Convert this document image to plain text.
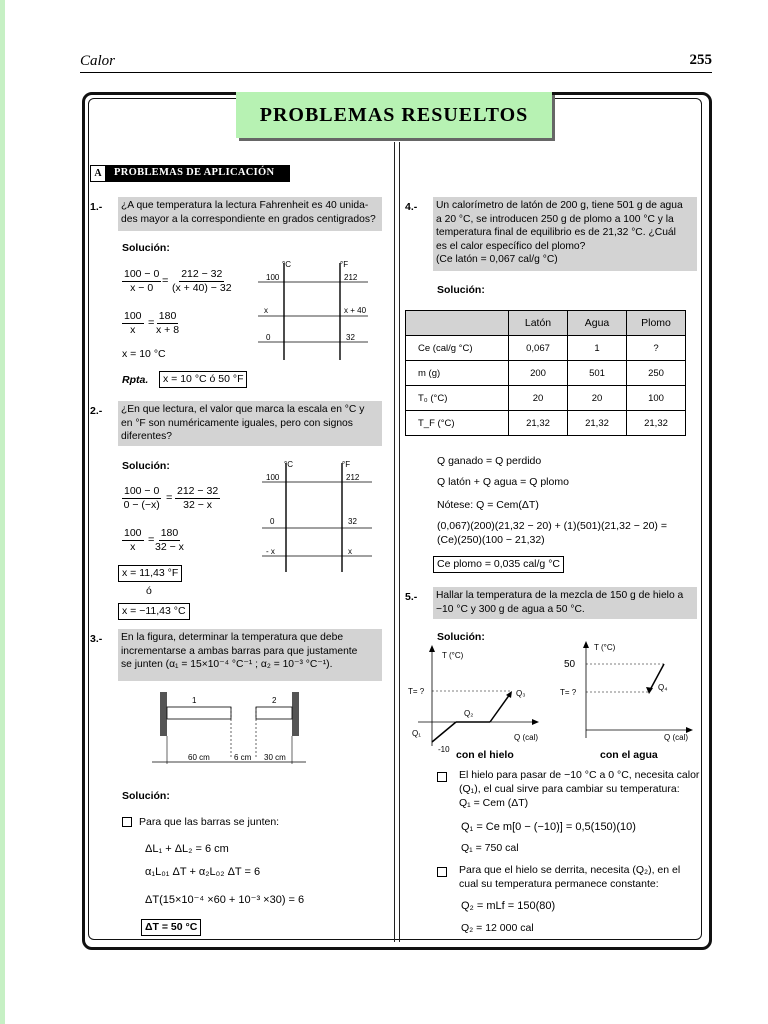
Calor	255
PROBLEMAS RESUELTOS
A	PROBLEMAS DE APLICACIÓN
1.- ¿A que temperatura la lectura Fahrenheit es 40 unida-
des mayor a la correspondiente en grados centigrados?
Solución:
$\frac{100 - 0}{x - 0} = \frac{212 - 32}{(x + 40) - 32}$
$\frac{100}{x} = \frac{180}{x + 8}$
x = 10 °C
Rpta.	x = 10 °C ó 50 °F
°C	°F
100
x
0
212
x + 40
32
2.- ¿En que lectura, el valor que marca la escala en °C y
en °F son numéricamente iguales, pero con signos
diferentes?
Solución:
$\frac{100 - 0}{0 - (-x)} = \frac{212 - 32}{32 - x}$
$\frac{100}{x} = \frac{180}{32 - x}$
x = 11,43 °F
ó
x = −11,43 °C
°C	°F
100
0
- x
212
32
x
3.- En la figura, determinar la temperatura que debe
incrementarse a ambas barras para que justamente
se junten (α₁ = 15×10⁻⁴ °C⁻¹ ; α₂ = 10⁻³ °C⁻¹).
1	2
60 cm	6 cm 30 cm
Solución:
Para que las barras se junten:
ΔL₁ + ΔL₂ = 6 cm
α₁L₀₁ ΔT + α₂L₀₂ ΔT = 6
ΔT(15×10⁻⁴ ×60 + 10⁻³ ×30) = 6
ΔT = 50 °C
4.- Un calorímetro de latón de 200 g, tiene 501 g de agua
a 20 °C, se introducen 250 g de plomo a 100 °C y la
temperatura final de equilibrio es de 21,32 °C. ¿Cuál
es el calor específico del plomo?
(Ce latón = 0,067 cal/g °C)
Solución:
	Latón	Agua	Plomo
Ce (cal/g °C)	0,067	1	?
m (g)	200	501	250
T₀ (°C)	20	20	100
T_F (°C)	21,32	21,32	21,32
Q ganado = Q perdido
Q latón + Q agua = Q plomo
Nótese: Q = Cem(ΔT)
(0,067)(200)(21,32 − 20) + (1)(501)(21,32 − 20) =
(Ce)(250)(100 − 21,32)
Ce plomo = 0,035 cal/g °C
5.- Hallar la temperatura de la mezcla de 150 g de hielo a
−10 °C y 300 g de agua a 50 °C.
Solución:
T (°C)
Q (cal)
T= ?
Q₁
Q₂
Q₃
-10 con el hielo
T (°C)
Q (cal)
50
T= ?
Q₄
con el agua
El hielo para pasar de −10 °C a 0 °C, necesita calor
(Q₁), el cual sirve para cambiar su temperatura:
Q₁ = Cem (ΔT)
Q₁ = Ce m[0 − (−10)] = 0,5(150)(10)
Q₁ = 750 cal
Para que el hielo se derrita, necesita (Q₂), en el
cual su temperatura permanece constante:
Q₂ = mLf = 150(80)
Q₂ = 12 000 cal
